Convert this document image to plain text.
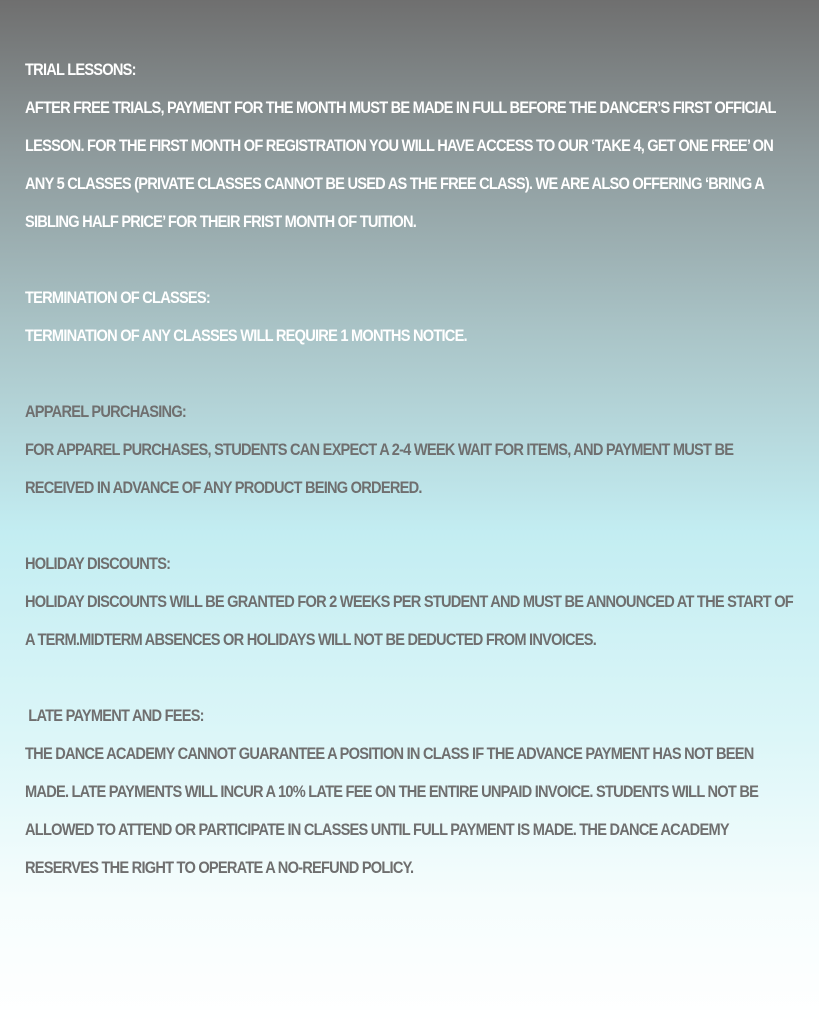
TRIAL LESSONS:
AFTER FREE TRIALS, PAYMENT FOR THE MONTH MUST BE MADE IN FULL BEFORE THE DANCER’S FIRST OFFICIAL LESSON. FOR THE FIRST MONTH OF REGISTRATION YOU WILL HAVE ACCESS TO OUR ‘TAKE 4, GET ONE FREE’ ON ANY 5 CLASSES (PRIVATE CLASSES CANNOT BE USED AS THE FREE CLASS). WE ARE ALSO OFFERING ‘BRING A SIBLING HALF PRICE’ FOR THEIR FRIST MONTH OF TUITION.
TERMINATION OF CLASSES:
TERMINATION OF ANY CLASSES WILL REQUIRE 1 MONTHS NOTICE.
APPAREL PURCHASING:
FOR APPAREL PURCHASES, STUDENTS CAN EXPECT A 2-4 WEEK WAIT FOR ITEMS, AND PAYMENT MUST BE RECEIVED IN ADVANCE OF ANY PRODUCT BEING ORDERED.
HOLIDAY DISCOUNTS:
HOLIDAY DISCOUNTS WILL BE GRANTED FOR 2 WEEKS PER STUDENT AND MUST BE ANNOUNCED AT THE START OF A TERM.MIDTERM ABSENCES OR HOLIDAYS WILL NOT BE DEDUCTED FROM INVOICES.
LATE PAYMENT AND FEES:
THE DANCE ACADEMY CANNOT GUARANTEE A POSITION IN CLASS IF THE ADVANCE PAYMENT HAS NOT BEEN MADE. LATE PAYMENTS WILL INCUR A 10% LATE FEE ON THE ENTIRE UNPAID INVOICE. STUDENTS WILL NOT BE ALLOWED TO ATTEND OR PARTICIPATE IN CLASSES UNTIL FULL PAYMENT IS MADE. THE DANCE ACADEMY RESERVES THE RIGHT TO OPERATE A NO-REFUND POLICY.
